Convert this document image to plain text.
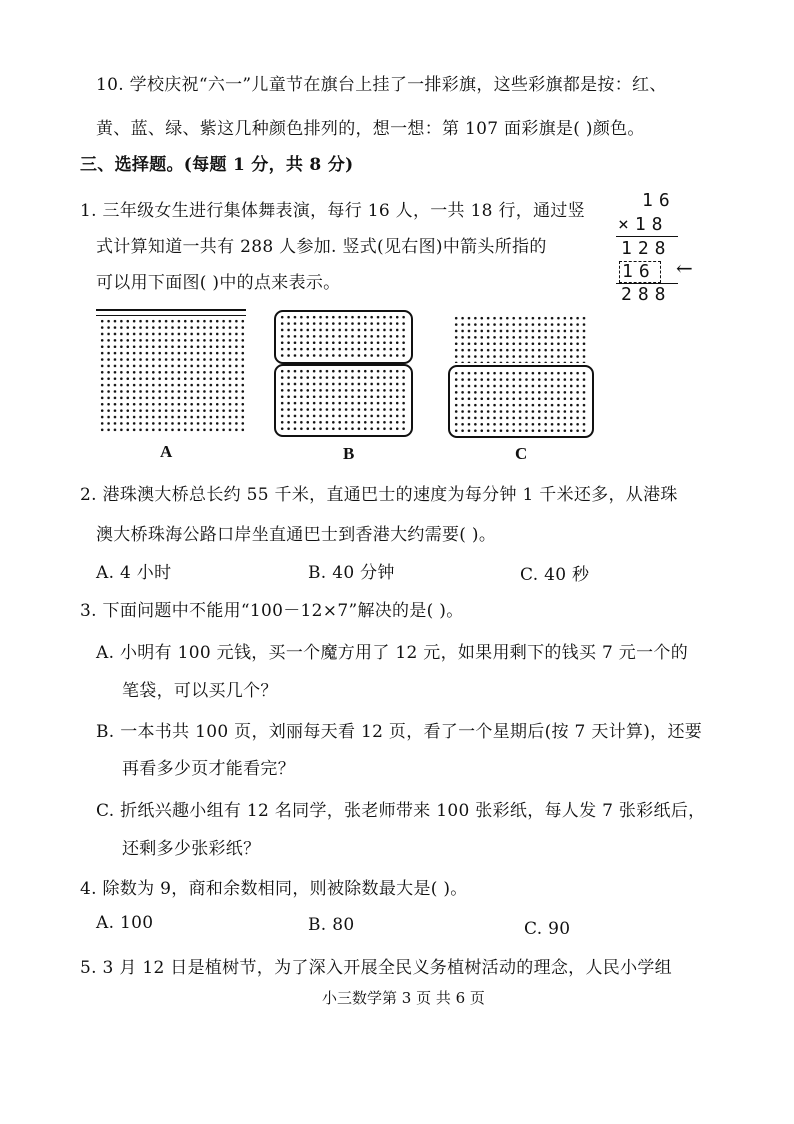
10. 学校庆祝“六一”儿童节在旗台上挂了一排彩旗，这些彩旗都是按：红、
黄、蓝、绿、紫这几种颜色排列的，想一想：第 107 面彩旗是( )颜色。
三、选择题。(每题 1 分，共 8 分)
1. 三年级女生进行集体舞表演，每行 16 人，一共 18 行，通过竖
式计算知道一共有 288 人参加. 竖式(见右图)中箭头所指的
可以用下面图( )中的点来表示。
16
×18
128
16 ←
288
A	B	C
2. 港珠澳大桥总长约 55 千米，直通巴士的速度为每分钟 1 千米还多，从港珠
澳大桥珠海公路口岸坐直通巴士到香港大约需要( )。
A. 4 小时	B. 40 分钟	C. 40 秒
3. 下面问题中不能用“100－12×7”解决的是( )。
A. 小明有 100 元钱，买一个魔方用了 12 元，如果用剩下的钱买 7 元一个的
笔袋，可以买几个？
B. 一本书共 100 页，刘丽每天看 12 页，看了一个星期后(按 7 天计算)，还要
再看多少页才能看完？
C. 折纸兴趣小组有 12 名同学，张老师带来 100 张彩纸，每人发 7 张彩纸后，
还剩多少张彩纸？
4. 除数为 9，商和余数相同，则被除数最大是( )。
A. 100	B. 80	C. 90
5. 3 月 12 日是植树节，为了深入开展全民义务植树活动的理念，人民小学组
小三数学第 3 页 共 6 页
